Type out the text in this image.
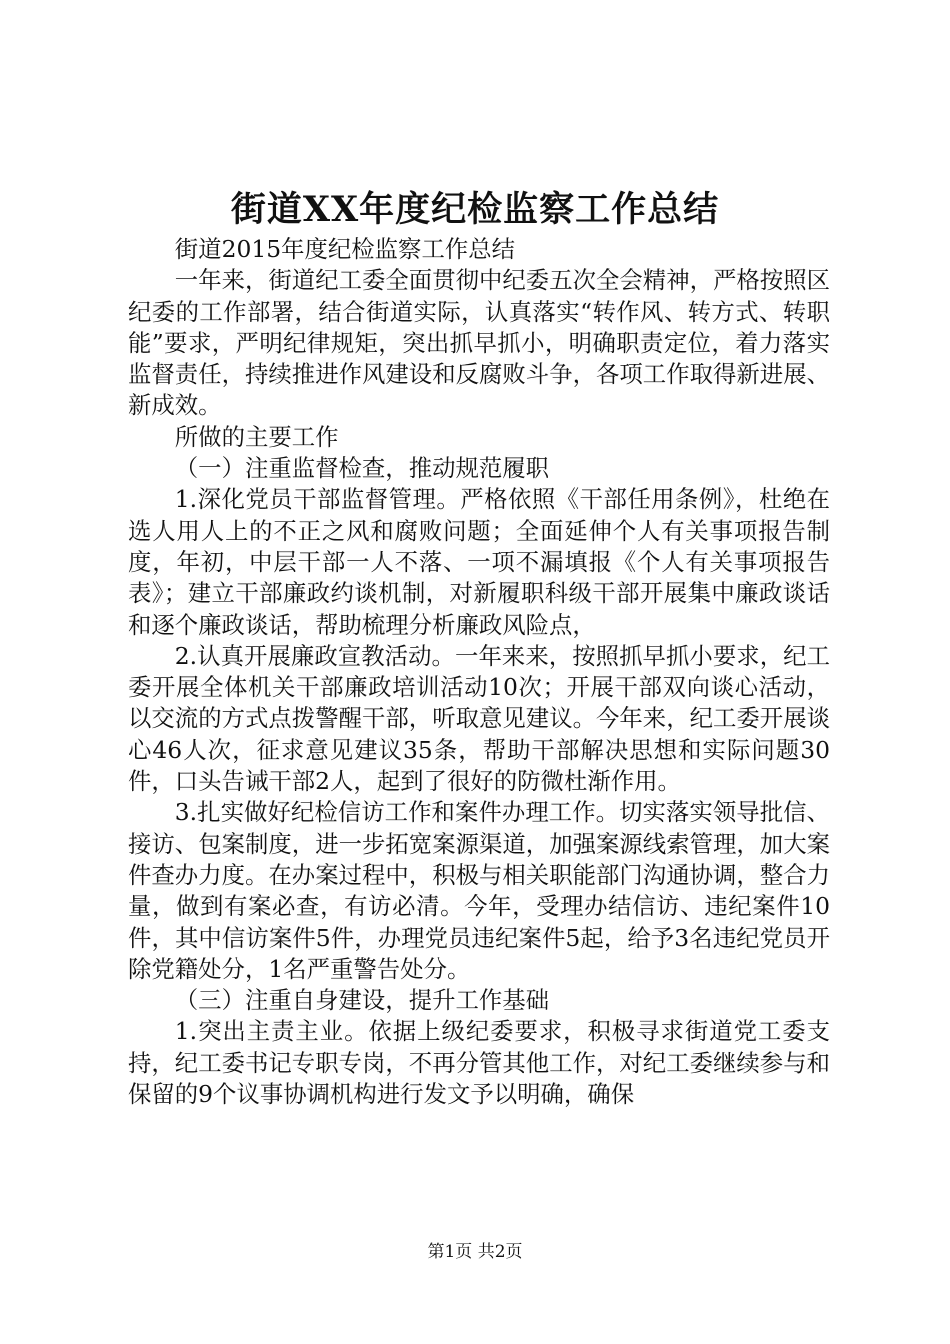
街道XX年度纪检监察工作总结

街道2015年度纪检监察工作总结

一年来，街道纪工委全面贯彻中纪委五次全会精神，严格按照区纪委的工作部署，结合街道实际，认真落实“转作风、转方式、转职能”要求，严明纪律规矩，突出抓早抓小，明确职责定位，着力落实监督责任，持续推进作风建设和反腐败斗争，各项工作取得新进展、新成效。

所做的主要工作

（一）注重监督检查，推动规范履职

1.深化党员干部监督管理。严格依照《干部任用条例》，杜绝在选人用人上的不正之风和腐败问题；全面延伸个人有关事项报告制度，年初，中层干部一人不落、一项不漏填报《个人有关事项报告表》；建立干部廉政约谈机制，对新履职科级干部开展集中廉政谈话和逐个廉政谈话，帮助梳理分析廉政风险点，

2.认真开展廉政宣教活动。一年来来，按照抓早抓小要求，纪工委开展全体机关干部廉政培训活动10次；开展干部双向谈心活动，以交流的方式点拨警醒干部，听取意见建议。今年来，纪工委开展谈心46人次，征求意见建议35条，帮助干部解决思想和实际问题30件，口头告诫干部2人，起到了很好的防微杜渐作用。

3.扎实做好纪检信访工作和案件办理工作。切实落实领导批信、接访、包案制度，进一步拓宽案源渠道，加强案源线索管理，加大案件查办力度。在办案过程中，积极与相关职能部门沟通协调，整合力量，做到有案必查，有访必清。今年，受理办结信访、违纪案件10件，其中信访案件5件，办理党员违纪案件5起，给予3名违纪党员开除党籍处分，1名严重警告处分。

（三）注重自身建设，提升工作基础

1.突出主责主业。依据上级纪委要求，积极寻求街道党工委支持，纪工委书记专职专岗，不再分管其他工作，对纪工委继续参与和保留的9个议事协调机构进行发文予以明确，确保

第1页 共2页
